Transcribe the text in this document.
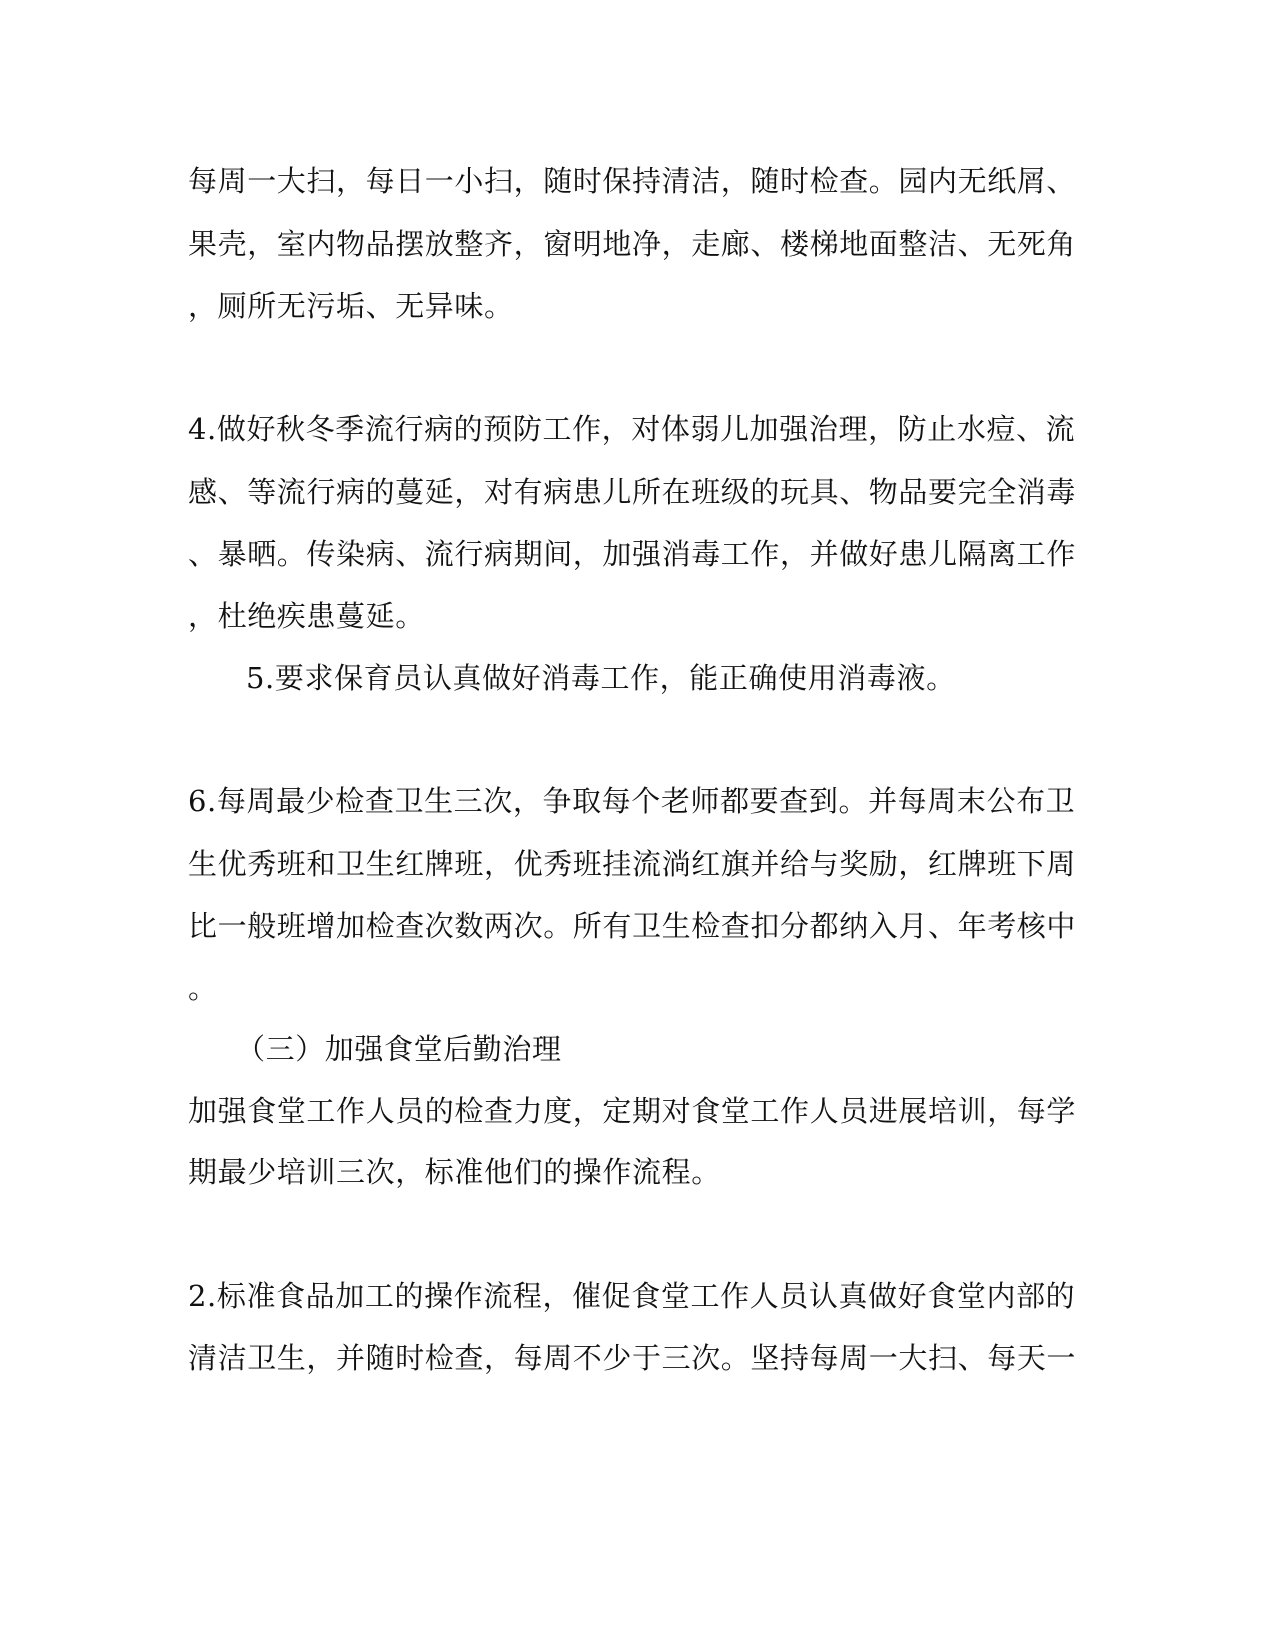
每周一大扫，每日一小扫，随时保持清洁，随时检查。园内无纸屑、
果壳，室内物品摆放整齐，窗明地净，走廊、楼梯地面整洁、无死角
，厕所无污垢、无异味。
4.做好秋冬季流行病的预防工作，对体弱儿加强治理，防止水痘、流
感、等流行病的蔓延，对有病患儿所在班级的玩具、物品要完全消毒
、暴晒。传染病、流行病期间，加强消毒工作，并做好患儿隔离工作
，杜绝疾患蔓延。
5.要求保育员认真做好消毒工作，能正确使用消毒液。
6.每周最少检查卫生三次，争取每个老师都要查到。并每周末公布卫
生优秀班和卫生红牌班，优秀班挂流淌红旗并给与奖励，红牌班下周
比一般班增加检查次数两次。所有卫生检查扣分都纳入月、年考核中
。
（三）加强食堂后勤治理
加强食堂工作人员的检查力度，定期对食堂工作人员进展培训，每学
期最少培训三次，标准他们的操作流程。
2.标准食品加工的操作流程，催促食堂工作人员认真做好食堂内部的
清洁卫生，并随时检查，每周不少于三次。坚持每周一大扫、每天一
